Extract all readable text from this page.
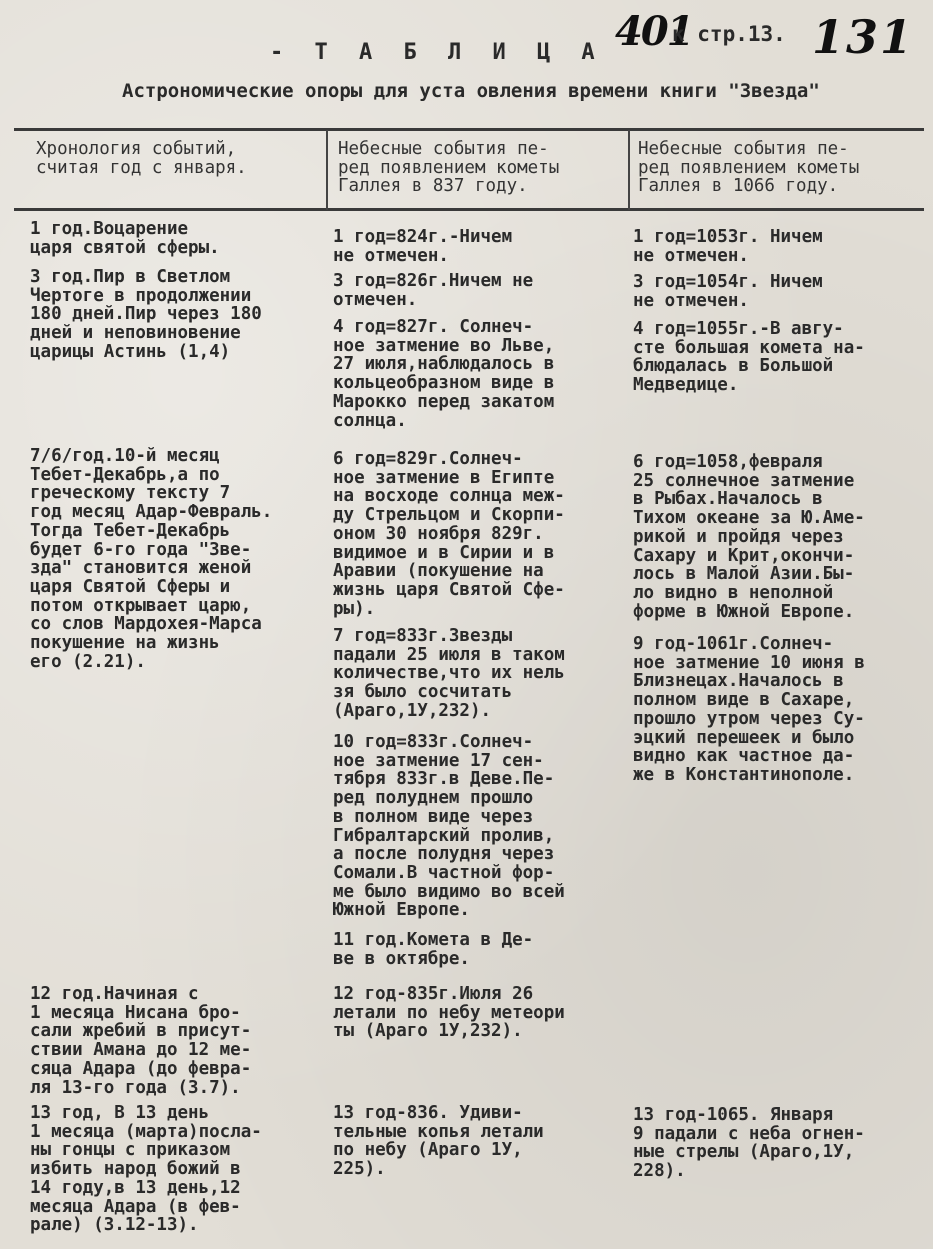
- Т А Б Л И Ц А 401
к стр.13. 131
Астрономические опоры для уста овления времени книги "Звезда"
Хронология событий,
считая год с января.
Небесные события пе-
ред появлением кометы
Галлея в 837 году.
Небесные события пе-
ред появлением кометы
Галлея в 1066 году.
1 год.Воцарение
царя святой сферы.
3 год.Пир в Светлом
Чертоге в продолжении
180 дней.Пир через 180
дней и неповиновение
царицы Астинь (1,4)
7/6/год.10-й месяц
Тебет-Декабрь,а по
греческому тексту 7
год месяц Адар-Февраль.
Тогда Тебет-Декабрь
будет 6-го года "Зве-
зда" становится женой
царя Святой Сферы и
потом открывает царю,
со слов Мардохея-Марса
покушение на жизнь
его (2.21).
12 год.Начиная с
1 месяца Нисана бро-
сали жребий в присут-
ствии Амана до 12 ме-
сяца Адара (до февра-
ля 13-го года (3.7).
13 год, В 13 день
1 месяца (марта)посла-
ны гонцы с приказом
избить народ божий в
14 году,в 13 день,12
месяца Адара (в фев-
рале) (3.12-13).
1 год=824г.-Ничем
не отмечен.
3 год=826г.Ничем не
отмечен.
4 год=827г. Солнеч-
ное затмение во Льве,
27 июля,наблюдалось в
кольцеобразном виде в
Марокко перед закатом
солнца.
6 год=829г.Солнеч-
ное затмение в Египте
на восходе солнца меж-
ду Стрельцом и Скорпи-
оном 30 ноября 829г.
видимое и в Сирии и в
Аравии (покушение на
жизнь царя Святой Сфе-
ры).
7 год=833г.Звезды
падали 25 июля в таком
количестве,что их нель
зя было сосчитать
(Араго,1У,232).
10 год=833г.Солнеч-
ное затмение 17 сен-
тября 833г.в Деве.Пе-
ред полуднем прошло
в полном виде через
Гибралтарский пролив,
а после полудня через
Сомали.В частной фор-
ме было видимо во всей
Южной Европе.
11 год.Комета в Де-
ве в октябре.
12 год-835г.Июля 26
летали по небу метеори
ты (Араго 1У,232).
13 год-836. Удиви-
тельные копья летали
по небу (Араго 1У,
225).
1 год=1053г. Ничем
не отмечен.
3 год=1054г. Ничем
не отмечен.
4 год=1055г.-В авгу-
сте большая комета на-
блюдалась в Большой
Медведице.
6 год=1058,февраля
25 солнечное затмение
в Рыбах.Началось в
Тихом океане за Ю.Аме-
рикой и пройдя через
Сахару и Крит,окончи-
лось в Малой Азии.Бы-
ло видно в неполной
форме в Южной Европе.
9 год-1061г.Солнеч-
ное затмение 10 июня в
Близнецах.Началось в
полном виде в Сахаре,
прошло утром через Су-
эцкий перешеек и было
видно как частное да-
же в Константинополе.
13 год-1065. Января
9 падали с неба огнен-
ные стрелы (Араго,1У,
228).
